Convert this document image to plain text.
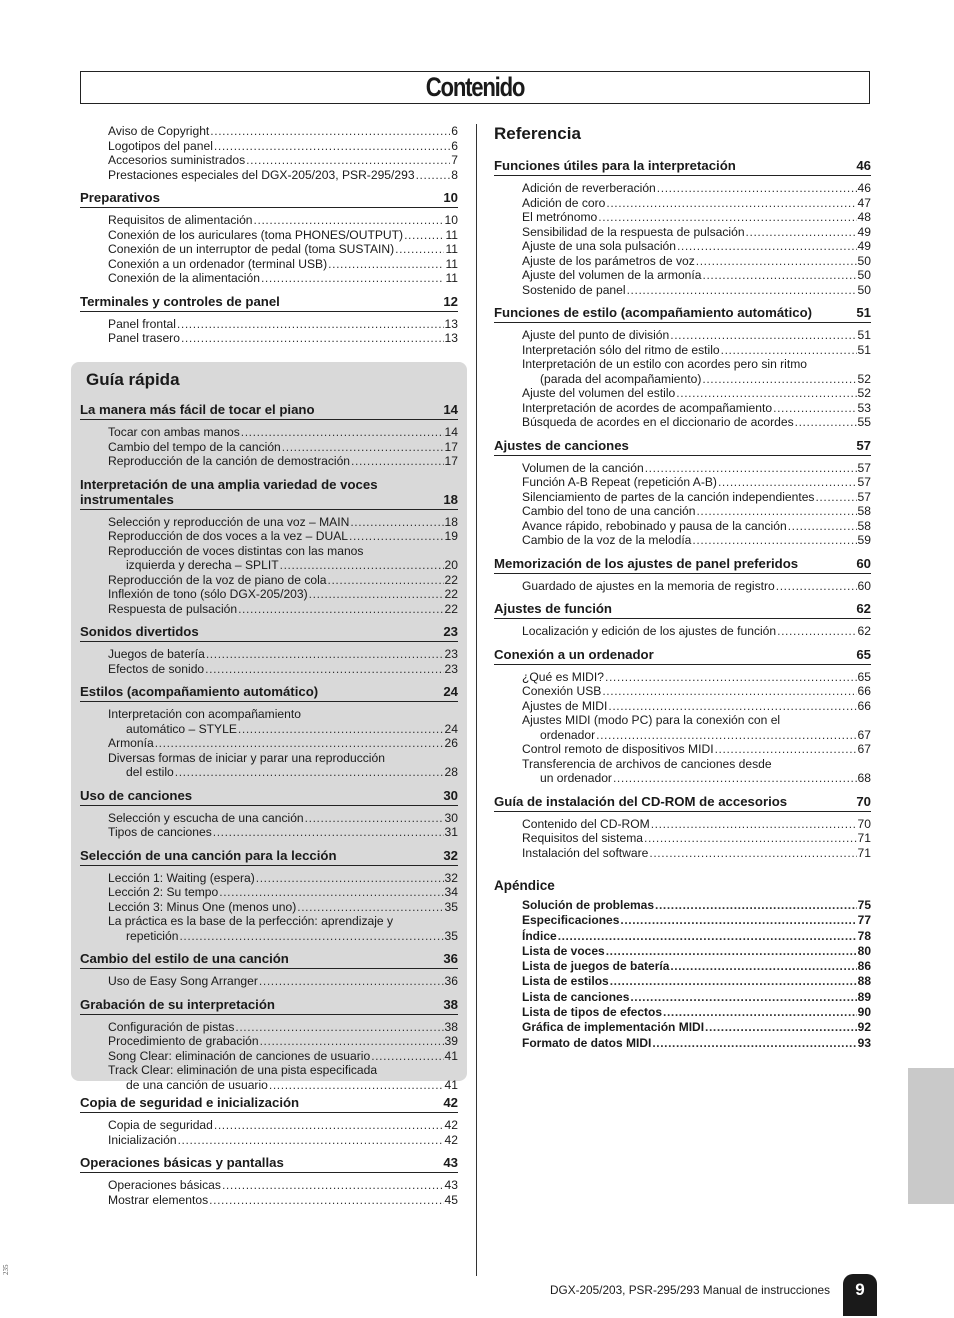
Contenido
Aviso de Copyright .....	6
Logotipos del panel .....	6
Accesorios suministrados .....	7
Prestaciones especiales del DGX-205/203, PSR-295/293 .....	8
Preparativos	10
Requisitos de alimentación .....	10
Conexión de los auriculares (toma PHONES/OUTPUT) .....	11
Conexión de un interruptor de pedal (toma SUSTAIN) .....	11
Conexión a un ordenador (terminal USB) .....	11
Conexión de la alimentación .....	11
Terminales y controles de panel	12
Panel frontal .....	13
Panel trasero .....	13
Guía rápida
La manera más fácil de tocar el piano	14
Tocar con ambas manos .....	14
Cambio del tempo de la canción .....	17
Reproducción de la canción de demostración .....	17
Interpretación de una amplia variedad de voces instrumentales	18
Selección y reproducción de una voz – MAIN .....	18
Reproducción de dos voces a la vez – DUAL .....	19
Reproducción de voces distintas con las manos
izquierda y derecha – SPLIT .....	20
Reproducción de la voz de piano de cola .....	22
Inflexión de tono (sólo DGX-205/203) .....	22
Respuesta de pulsación .....	22
Sonidos divertidos	23
Juegos de batería .....	23
Efectos de sonido .....	23
Estilos (acompañamiento automático)	24
Interpretación con acompañamiento
automático – STYLE .....	24
Armonía .....	26
Diversas formas de iniciar y parar una reproducción
del estilo .....	28
Uso de canciones	30
Selección y escucha de una canción .....	30
Tipos de canciones .....	31
Selección de una canción para la lección	32
Lección 1: Waiting (espera) .....	32
Lección 2: Su tempo .....	34
Lección 3: Minus One (menos uno) .....	35
La práctica es la base de la perfección: aprendizaje y
repetición .....	35
Cambio del estilo de una canción	36
Uso de Easy Song Arranger .....	36
Grabación de su interpretación	38
Configuración de pistas .....	38
Procedimiento de grabación .....	39
Song Clear: eliminación de canciones de usuario .....	41
Track Clear: eliminación de una pista especificada
de una canción de usuario .....	41
Copia de seguridad e inicialización	42
Copia de seguridad .....	42
Inicialización .....	42
Operaciones básicas y pantallas	43
Operaciones básicas .....	43
Mostrar elementos .....	45
Referencia
Funciones útiles para la interpretación	46
Adición de reverberación .....	46
Adición de coro .....	47
El metrónomo .....	48
Sensibilidad de la respuesta de pulsación .....	49
Ajuste de una sola pulsación .....	49
Ajuste de los parámetros de voz .....	50
Ajuste del volumen de la armonía .....	50
Sostenido de panel .....	50
Funciones de estilo (acompañamiento automático)	51
Ajuste del punto de división .....	51
Interpretación sólo del ritmo de estilo .....	51
Interpretación de un estilo con acordes pero sin ritmo
(parada del acompañamiento) .....	52
Ajuste del volumen del estilo .....	52
Interpretación de acordes de acompañamiento .....	53
Búsqueda de acordes en el diccionario de acordes .....	55
Ajustes de canciones	57
Volumen de la canción .....	57
Función A-B Repeat (repetición A-B) .....	57
Silenciamiento de partes de la canción independientes .....	57
Cambio del tono de una canción .....	58
Avance rápido, rebobinado y pausa de la canción .....	58
Cambio de la voz de la melodía .....	59
Memorización de los ajustes de panel preferidos	60
Guardado de ajustes en la memoria de registro .....	60
Ajustes de función	62
Localización y edición de los ajustes de función .....	62
Conexión a un ordenador	65
¿Qué es MIDI? .....	65
Conexión USB .....	66
Ajustes de MIDI .....	66
Ajustes MIDI (modo PC) para la conexión con el
ordenador .....	67
Control remoto de dispositivos MIDI .....	67
Transferencia de archivos de canciones desde
un ordenador .....	68
Guía de instalación del CD-ROM de accesorios	70
Contenido del CD-ROM .....	70
Requisitos del sistema .....	71
Instalación del software .....	71
Apéndice
Solución de problemas .....	75
Especificaciones .....	77
Índice .....	78
Lista de voces .....	80
Lista de juegos de batería .....	86
Lista de estilos .....	88
Lista de canciones .....	89
Lista de tipos de efectos .....	90
Gráfica de implementación MIDI .....	92
Formato de datos MIDI .....	93
DGX-205/203, PSR-295/293 Manual de instrucciones	9
235
